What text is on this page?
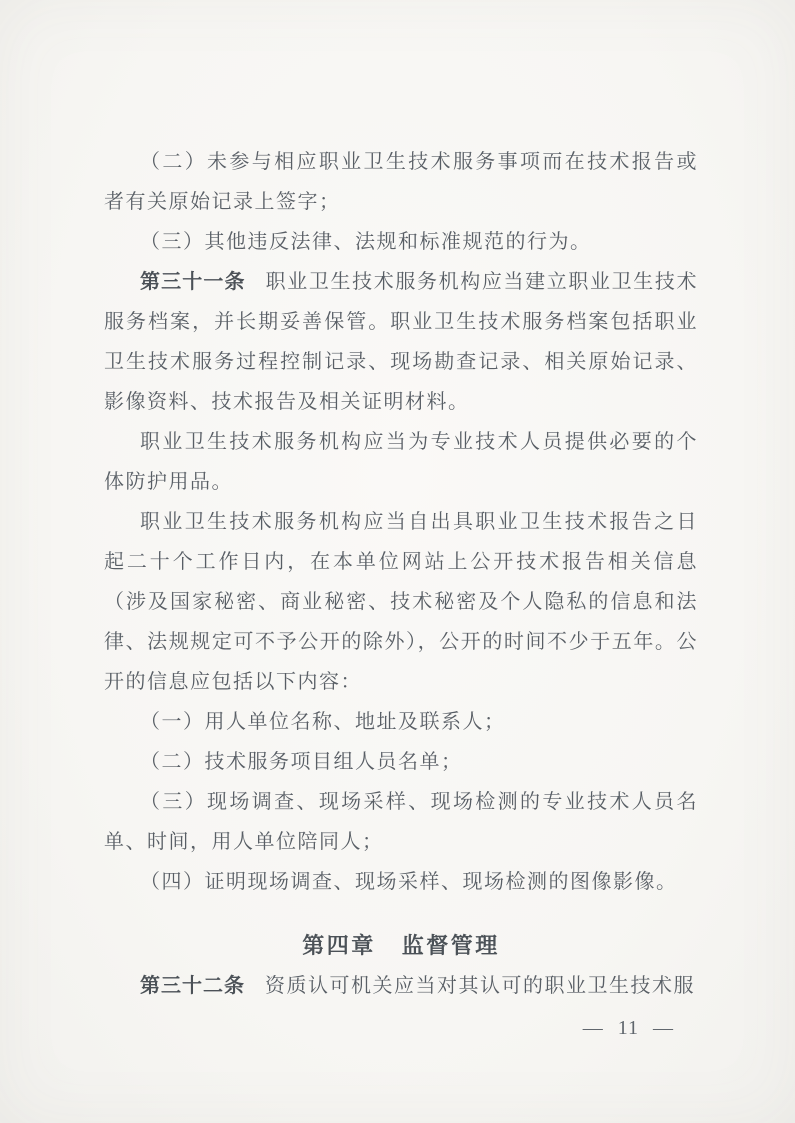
（二）未参与相应职业卫生技术服务事项而在技术报告或者有关原始记录上签字；

（三）其他违反法律、法规和标准规范的行为。

第三十一条 职业卫生技术服务机构应当建立职业卫生技术服务档案，并长期妥善保管。职业卫生技术服务档案包括职业卫生技术服务过程控制记录、现场勘查记录、相关原始记录、影像资料、技术报告及相关证明材料。

职业卫生技术服务机构应当为专业技术人员提供必要的个体防护用品。

职业卫生技术服务机构应当自出具职业卫生技术报告之日起二十个工作日内，在本单位网站上公开技术报告相关信息（涉及国家秘密、商业秘密、技术秘密及个人隐私的信息和法律、法规规定可不予公开的除外），公开的时间不少于五年。公开的信息应包括以下内容：

（一）用人单位名称、地址及联系人；

（二）技术服务项目组人员名单；

（三）现场调查、现场采样、现场检测的专业技术人员名单、时间，用人单位陪同人；

（四）证明现场调查、现场采样、现场检测的图像影像。

第四章 监督管理

第三十二条 资质认可机关应当对其认可的职业卫生技术服

— 11 —
